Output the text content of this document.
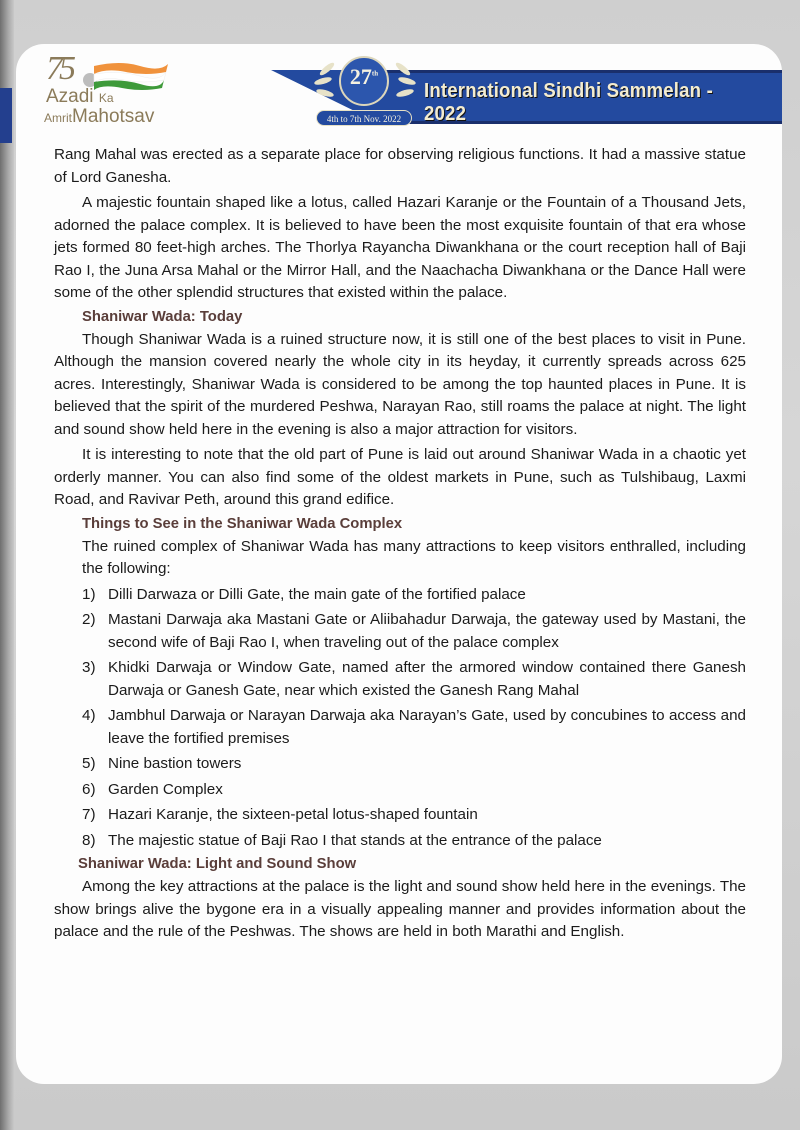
75
Azadi Ka
AmritMahotsav
International Sindhi Sammelan - 2022
27th
4th to 7th Nov. 2022

Rang Mahal was erected as a separate place for observing religious functions. It had a massive statue of Lord Ganesha.

A majestic fountain shaped like a lotus, called Hazari Karanje or the Fountain of a Thousand Jets, adorned the palace complex. It is believed to have been the most exquisite fountain of that era whose jets formed 80 feet-high arches. The Thorlya Rayancha Diwankhana or the court reception hall of Baji Rao I, the Juna Arsa Mahal or the Mirror Hall, and the Naachacha Diwankhana or the Dance Hall were some of the other splendid structures that existed within the palace.

Shaniwar Wada: Today

Though Shaniwar Wada is a ruined structure now, it is still one of the best places to visit in Pune. Although the mansion covered nearly the whole city in its heyday, it currently spreads across 625 acres. Interestingly, Shaniwar Wada is considered to be among the top haunted places in Pune. It is believed that the spirit of the murdered Peshwa, Narayan Rao, still roams the palace at night. The light and sound show held here in the evening is also a major attraction for visitors.

It is interesting to note that the old part of Pune is laid out around Shaniwar Wada in a chaotic yet orderly manner. You can also find some of the oldest markets in Pune, such as Tulshibaug, Laxmi Road, and Ravivar Peth, around this grand edifice.

Things to See in the Shaniwar Wada Complex

The ruined complex of Shaniwar Wada has many attractions to keep visitors enthralled, including the following:

1) Dilli Darwaza or Dilli Gate, the main gate of the fortified palace
2) Mastani Darwaja aka Mastani Gate or Aliibahadur Darwaja, the gateway used by Mastani, the second wife of Baji Rao I, when traveling out of the palace complex
3) Khidki Darwaja or Window Gate, named after the armored window contained there Ganesh Darwaja or Ganesh Gate, near which existed the Ganesh Rang Mahal
4) Jambhul Darwaja or Narayan Darwaja aka Narayan’s Gate, used by concubines to access and leave the fortified premises
5) Nine bastion towers
6) Garden Complex
7) Hazari Karanje, the sixteen-petal lotus-shaped fountain
8) The majestic statue of Baji Rao I that stands at the entrance of the palace

Shaniwar Wada: Light and Sound Show

Among the key attractions at the palace is the light and sound show held here in the evenings. The show brings alive the bygone era in a visually appealing manner and provides information about the palace and the rule of the Peshwas. The shows are held in both Marathi and English.
